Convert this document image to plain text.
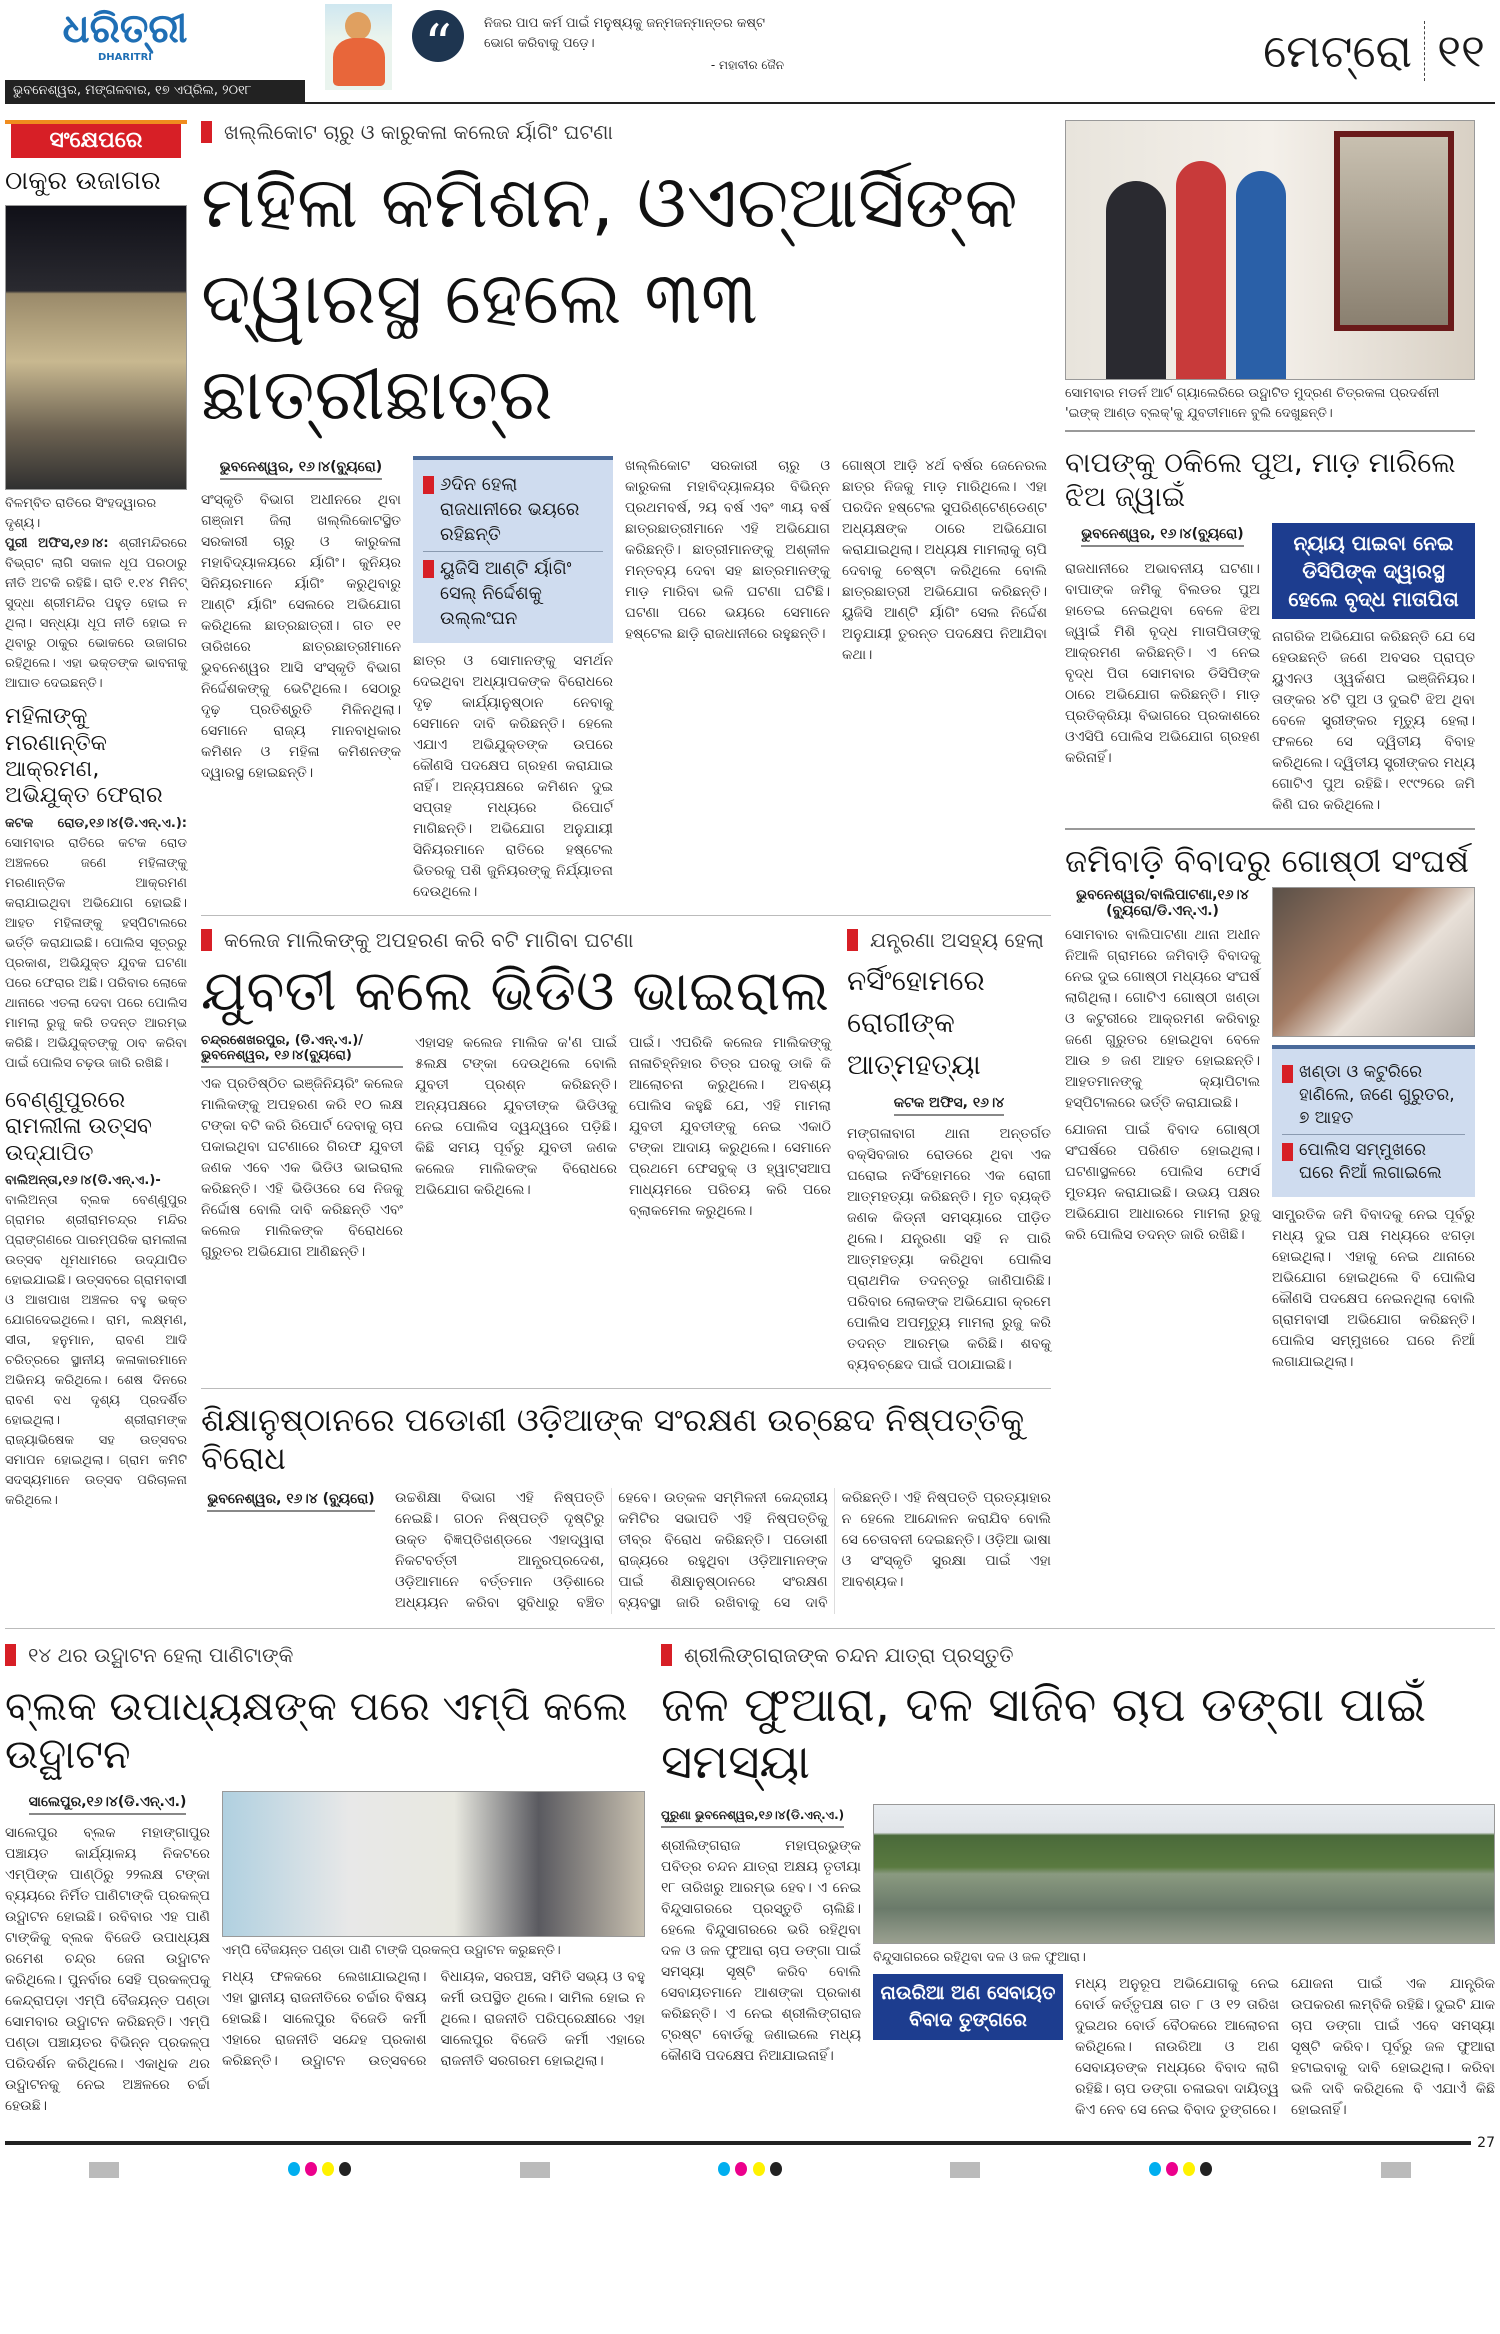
ଧରିତ୍ରୀ
DHARITRI
ଭୁବନେଶ୍ୱର, ମଙ୍ଗଳବାର, ୧୭ ଏପ୍ରିଲ, ୨୦୧୮
“	ନିଜର ପାପ କର୍ମ ପାଇଁ ମନୁଷ୍ୟକୁ ଜନ୍ମଜନ୍ମାନ୍ତର କଷ୍ଟ ଭୋଗ କରିବାକୁ ପଡ଼େ।
- ମହାବୀର ଜୈନ	ମେଟ୍ରୋ ୧୧
ସଂକ୍ଷେପରେ
ଠାକୁର ଉଜାଗର
ବିଳମ୍ବିତ ରାତିରେ ସିଂହଦ୍ୱାରର ଦୃଶ୍ୟ।
ପୁରୀ ଅଫିସ,୧୬।୪: ଶ୍ରୀମନ୍ଦିରରେ ବିଭ୍ରାଟ ଲାଗି ସକାଳ ଧୂପ ପରଠାରୁ ନୀତି ଅଟକି ରହିଛି। ରାତି ୧.୧୪ ମିନିଟ୍ ସୁଦ୍ଧା ଶ୍ରୀମନ୍ଦିର ପହୁଡ଼ ହୋଇ ନ ଥିଲା। ସନ୍ଧ୍ୟା ଧୂପ ନୀତି ହୋଇ ନ ଥିବାରୁ ଠାକୁର ଭୋକରେ ଉଜାଗର ରହିଥିଲେ। ଏହା ଭକ୍ତଙ୍କ ଭାବନାକୁ ଆଘାତ ଦେଇଛନ୍ତି।
ମହିଳାଙ୍କୁ ମରଣାନ୍ତିକ ଆକ୍ରମଣ, ଅଭିଯୁକ୍ତ ଫେରାର
କଟକ ରୋଡ,୧୬।୪(ଡି.ଏନ୍.ଏ.): ସୋମବାର ରାତିରେ କଟକ ରୋଡ ଅଞ୍ଚଳରେ ଜଣେ ମହିଳାଙ୍କୁ ମରଣାନ୍ତିକ ଆକ୍ରମଣ କରାଯାଇଥିବା ଅଭିଯୋଗ ହୋଇଛି। ଆହତ ମହିଳାଙ୍କୁ ହସ୍ପିଟାଲରେ ଭର୍ତ୍ତି କରାଯାଇଛି। ପୋଲିସ ସୂତ୍ରରୁ ପ୍ରକାଶ, ଅଭିଯୁକ୍ତ ଯୁବକ ଘଟଣା ପରେ ଫେରାର ଅଛି। ପରିବାର ଲୋକେ ଥାନାରେ ଏତଲା ଦେବା ପରେ ପୋଲିସ ମାମଲା ରୁଜୁ କରି ତଦନ୍ତ ଆରମ୍ଭ କରିଛି। ଅଭିଯୁକ୍ତଙ୍କୁ ଠାବ କରିବା ପାଇଁ ପୋଲିସ ଚଢ଼ଉ ଜାରି ରଖିଛି।
ବେଣ୍ଣୁପୁରରେ ରାମଲୀଳା ଉତ୍ସବ ଉଦ୍ଯାପିତ
ବାଲିଅନ୍ତା,୧୬।୪(ଡି.ଏନ୍.ଏ.)- ବାଲିଅନ୍ତା ବ୍ଲକ ବେଣ୍ଣୁପୁର ଗ୍ରାମର ଶ୍ରୀରାମଚନ୍ଦ୍ର ମନ୍ଦିର ପ୍ରାଙ୍ଗଣରେ ପାରମ୍ପରିକ ରାମଲୀଳା ଉତ୍ସବ ଧୂମଧାମରେ ଉଦ୍ଯାପିତ ହୋଇଯାଇଛି। ଉତ୍ସବରେ ଗ୍ରାମବାସୀ ଓ ଆଖପାଖ ଅଞ୍ଚଳର ବହୁ ଭକ୍ତ ଯୋଗଦେଇଥିଲେ। ରାମ, ଲକ୍ଷ୍ମଣ, ସୀତା, ହନୁମାନ, ରାବଣ ଆଦି ଚରିତ୍ରରେ ସ୍ଥାନୀୟ କଳାକାରମାନେ ଅଭିନୟ କରିଥିଲେ। ଶେଷ ଦିନରେ ରାବଣ ବଧ ଦୃଶ୍ୟ ପ୍ରଦର୍ଶିତ ହୋଇଥିଲା। ଶ୍ରୀରାମଙ୍କ ରାଜ୍ୟାଭିଷେକ ସହ ଉତ୍ସବର ସମାପନ ହୋଇଥିଲା। ଗ୍ରାମ କମିଟି ସଦସ୍ୟମାନେ ଉତ୍ସବ ପରିଚାଳନା କରିଥିଲେ।
ଖଲ୍ଲିକୋଟ ଚାରୁ ଓ କାରୁକଳା କଲେଜ ର୍ୟାଗିଂ ଘଟଣା
ମହିଳା କମିଶନ, ଓଏଚ୍ଆର୍ସିଙ୍କ
ଦ୍ୱାରସ୍ଥ ହେଲେ ୩୩ ଛାତ୍ରୀଛାତ୍ର
ଭୁବନେଶ୍ୱର, ୧୬।୪(ବ୍ୟୁରୋ)
ସଂସ୍କୃତି ବିଭାଗ ଅଧୀନରେ ଥିବା ଗଞ୍ଜାମ ଜିଲା ଖଲ୍ଲିକୋଟସ୍ଥିତ ସରକାରୀ ଚାରୁ ଓ କାରୁକଳା ମହାବିଦ୍ୟାଳୟରେ ର୍ୟାଗିଂ। କୁନିୟର ସିନିୟରମାନେ ର୍ୟାଗିଂ କରୁଥିବାରୁ ଆଣ୍ଟି ର୍ୟାଗିଂ ସେଲରେ ଅଭିଯୋଗ କରିଥିଲେ ଛାତ୍ରଛାତ୍ରୀ। ଗତ ୧୧ ତାରିଖରେ ଛାତ୍ରଛାତ୍ରୀମାନେ ଭୁବନେଶ୍ୱର ଆସି ସଂସ୍କୃତି ବିଭାଗ ନିର୍ଦ୍ଦେଶକଙ୍କୁ ଭେଟିଥିଲେ। ସେଠାରୁ ଦୃଢ଼ ପ୍ରତିଶ୍ରୁତି ମିଳିନଥିଲା। ସେମାନେ ରାଜ୍ୟ ମାନବାଧିକାର କମିଶନ ଓ ମହିଳା କମିଶନଙ୍କ ଦ୍ୱାରସ୍ଥ ହୋଇଛନ୍ତି।
୬ଦିନ ହେଲା ରାଜଧାନୀରେ ଭୟରେ ରହିଛନ୍ତି
ୟୁଜିସି ଆଣ୍ଟି ର୍ୟାଗିଂ ସେଲ୍ ନିର୍ଦ୍ଦେଶକୁ ଉଲ୍ଲଂଘନ
ଛାତ୍ର ଓ ସୋମାନଙ୍କୁ ସମର୍ଥନ ଦେଇଥିବା ଅଧ୍ୟାପକଙ୍କ ବିରୋଧରେ ଦୃଢ଼ କାର୍ଯ୍ୟାନୁଷ୍ଠାନ ନେବାକୁ ସେମାନେ ଦାବି କରିଛନ୍ତି। ହେଲେ ଏଯାଏ ଅଭିଯୁକ୍ତଙ୍କ ଉପରେ କୌଣସି ପଦକ୍ଷେପ ଗ୍ରହଣ କରାଯାଇ ନାହିଁ। ଅନ୍ୟପକ୍ଷରେ କମିଶନ ଦୁଇ ସପ୍ତାହ ମଧ୍ୟରେ ରିପୋର୍ଟ ମାଗିଛନ୍ତି। ଅଭିଯୋଗ ଅନୁଯାୟୀ ସିନିୟରମାନେ ରାତିରେ ହଷ୍ଟେଲ ଭିତରକୁ ପଶି ଜୁନିୟରଙ୍କୁ ନିର୍ଯ୍ୟାତନା ଦେଉଥିଲେ।
ଖଲ୍ଲିକୋଟ ସରକାରୀ ଚାରୁ ଓ କାରୁକଳା ମହାବିଦ୍ୟାଳୟର ବିଭିନ୍ନ ପ୍ରଥମବର୍ଷ, ୨ୟ ବର୍ଷ ଏବଂ ୩ୟ ବର୍ଷ ଛାତ୍ରଛାତ୍ରୀମାନେ ଏହି ଅଭିଯୋଗ କରିଛନ୍ତି। ଛାତ୍ରୀମାନଙ୍କୁ ଅଶ୍ଳୀଳ ମନ୍ତବ୍ୟ ଦେବା ସହ ଛାତ୍ରମାନଙ୍କୁ ମାଡ଼ ମାରିବା ଭଳି ଘଟଣା ଘଟିଛି। ଘଟଣା ପରେ ଭୟରେ ସେମାନେ ହଷ୍ଟେଲ ଛାଡ଼ି ରାଜଧାନୀରେ ରହୁଛନ୍ତି।
ଗୋଷ୍ଠୀ ଆଡ଼ି ୪ର୍ଥ ବର୍ଷର ଜେନେରଲ ଛାତ୍ର ନିଜକୁ ମାଡ଼ ମାରିଥିଲେ। ଏହା ପରଦିନ ହଷ୍ଟେଲ ସୁପରିଣ୍ଟେଣ୍ଡେଣ୍ଟ ଅଧ୍ୟକ୍ଷଙ୍କ ଠାରେ ଅଭିଯୋଗ କରାଯାଇଥିଲା। ଅଧ୍ୟକ୍ଷ ମାମଲାକୁ ଚାପି ଦେବାକୁ ଚେଷ୍ଟା କରିଥିଲେ ବୋଲି ଛାତ୍ରଛାତ୍ରୀ ଅଭିଯୋଗ କରିଛନ୍ତି। ୟୁଜିସି ଆଣ୍ଟି ର୍ୟାଗିଂ ସେଲ ନିର୍ଦ୍ଦେଶ ଅନୁଯାୟୀ ତୁରନ୍ତ ପଦକ୍ଷେପ ନିଆଯିବା କଥା।
କଲେଜ ମାଲିକଙ୍କୁ ଅପହରଣ କରି ବଟି ମାଗିବା ଘଟଣା
ଯୁବତୀ କଲେ ଭିଡିଓ ଭାଇରାଲ
ଚନ୍ଦ୍ରଶେଖରପୁର, (ଡି.ଏନ୍.ଏ.)/ ଭୁବନେଶ୍ୱର, ୧୬।୪(ବ୍ୟୁରୋ)
ଏକ ପ୍ରତିଷ୍ଠିତ ଇଞ୍ଜିନିୟରିଂ କଲେଜ ମାଲିକଙ୍କୁ ଅପହରଣ କରି ୧୦ ଲକ୍ଷ ଟଙ୍କା ବଟି କରି ରିପୋର୍ଟ ଦେବାକୁ ଚାପ ପକାଇଥିବା ଘଟଣାରେ ଗିରଫ ଯୁବତୀ ଜଣକ ଏବେ ଏକ ଭିଡିଓ ଭାଇରାଲ କରିଛନ୍ତି। ଏହି ଭିଡିଓରେ ସେ ନିଜକୁ ନିର୍ଦ୍ଦୋଷ ବୋଲି ଦାବି କରିଛନ୍ତି ଏବଂ କଲେଜ ମାଲିକଙ୍କ ବିରୋଧରେ ଗୁରୁତର ଅଭିଯୋଗ ଆଣିଛନ୍ତି।
ଏହାସହ କଲେଜ ମାଲିକ କ'ଣ ପାଇଁ ୫ଲକ୍ଷ ଟଙ୍କା ଦେଉଥିଲେ ବୋଲି ଯୁବତୀ ପ୍ରଶ୍ନ କରିଛନ୍ତି। ଅନ୍ୟପକ୍ଷରେ ଯୁବତୀଙ୍କ ଭିଡିଓକୁ ନେଇ ପୋଲିସ ଦ୍ୱନ୍ଦ୍ୱରେ ପଡ଼ିଛି। କିଛି ସମୟ ପୂର୍ବରୁ ଯୁବତୀ ଜଣକ କଲେଜ ମାଲିକଙ୍କ ବିରୋଧରେ ଅଭିଯୋଗ କରିଥିଲେ।
ପାଇଁ। ଏପରିକି କଲେଜ ମାଲିକଙ୍କୁ ନାଳାଚିହ୍ନିହାର ଚିତ୍ର ଘରକୁ ଡାକି କି ଆଲୋଚନା କରୁଥିଲେ। ଅବଶ୍ୟ ପୋଲିସ କହୁଛି ଯେ, ଏହି ମାମଲା ଯୁବତୀ ଯୁବତୀଙ୍କୁ ନେଇ ଏକାଠି ଟଙ୍କା ଆଦାୟ କରୁଥିଲେ। ସେମାନେ ପ୍ରଥମେ ଫେସବୁକ୍ ଓ ହ୍ୱାଟ୍ସଆପ ମାଧ୍ୟମରେ ପରିଚୟ କରି ପରେ ବ୍ଲାକମେଲ କରୁଥିଲେ।
ଯନ୍ତ୍ରଣା ଅସହ୍ୟ ହେଲା
ନର୍ସିଂହୋମରେ ରୋଗୀଙ୍କ ଆତ୍ମହତ୍ୟା
କଟକ ଅଫିସ, ୧୬।୪
ମଙ୍ଗଳାବାଗ ଥାନା ଅନ୍ତର୍ଗତ ବକ୍ସିବଜାର ରୋଡରେ ଥିବା ଏକ ଘରୋଇ ନର୍ସିଂହୋମରେ ଏକ ରୋଗୀ ଆତ୍ମହତ୍ୟା କରିଛନ୍ତି। ମୃତ ବ୍ୟକ୍ତି ଜଣକ କିଡ୍ନୀ ସମସ୍ୟାରେ ପୀଡ଼ିତ ଥିଲେ। ଯନ୍ତ୍ରଣା ସହି ନ ପାରି ଆତ୍ମହତ୍ୟା କରିଥିବା ପୋଲିସ ପ୍ରାଥମିକ ତଦନ୍ତରୁ ଜାଣିପାରିଛି। ପରିବାର ଲୋକଙ୍କ ଅଭିଯୋଗ କ୍ରମେ ପୋଲିସ ଅପମୃତ୍ୟୁ ମାମଲା ରୁଜୁ କରି ତଦନ୍ତ ଆରମ୍ଭ କରିଛି। ଶବକୁ ବ୍ୟବଚ୍ଛେଦ ପାଇଁ ପଠାଯାଇଛି।
ଶିକ୍ଷାନୁଷ୍ଠାନରେ ପଡୋଶୀ ଓଡ଼ିଆଙ୍କ ସଂରକ୍ଷଣ ଉଚ୍ଛେଦ ନିଷ୍ପତ୍ତିକୁ ବିରୋଧ
ଭୁବନେଶ୍ୱର, ୧୬।୪ (ବ୍ୟୁରୋ)	ଉଚ୍ଚଶିକ୍ଷା ବିଭାଗ ଏହି ନିଷ୍ପତ୍ତି ନେଇଛି। ଗଠନ ନିଷ୍ପତ୍ତି ଦୃଷ୍ଟିରୁ ଉକ୍ତ ବିଜ୍ଞପ୍ତିଖଣ୍ଡରେ ଏହାଦ୍ୱାରା ନିକଟବର୍ତ୍ତୀ ଆନ୍ଧ୍ରପ୍ରଦେଶ, ଓଡ଼ିଆମାନେ ବର୍ତ୍ତମାନ ଓଡ଼ିଶାରେ ଅଧ୍ୟୟନ କରିବା ସୁବିଧାରୁ ବଞ୍ଚିତ ହେବେ। ଉତ୍କଳ ସମ୍ମିଳନୀ କେନ୍ଦ୍ରୀୟ କମିଟିର ସଭାପତି ଏହି ନିଷ୍ପତ୍ତିକୁ ତୀବ୍ର ବିରୋଧ କରିଛନ୍ତି। ପଡୋଶୀ ରାଜ୍ୟରେ ରହୁଥିବା ଓଡ଼ିଆମାନଙ୍କ ପାଇଁ ଶିକ୍ଷାନୁଷ୍ଠାନରେ ସଂରକ୍ଷଣ ବ୍ୟବସ୍ଥା ଜାରି ରଖିବାକୁ ସେ ଦାବି କରିଛନ୍ତି। ଏହି ନିଷ୍ପତ୍ତି ପ୍ରତ୍ୟାହାର ନ ହେଲେ ଆନ୍ଦୋଳନ କରାଯିବ ବୋଲି ସେ ଚେତାବନୀ ଦେଇଛନ୍ତି। ଓଡ଼ିଆ ଭାଷା ଓ ସଂସ୍କୃତି ସୁରକ୍ଷା ପାଇଁ ଏହା ଆବଶ୍ୟକ।
ସୋମବାର ମଡର୍ନ ଆର୍ଟ ଗ୍ୟାଲେରିରେ ଉଦ୍ଘାଟିତ ମୁଦ୍ରଣ ଚିତ୍ରକଳା ପ୍ରଦର୍ଶନୀ 'ଇଙ୍କ୍ ଆଣ୍ଡ ବ୍ଲକ୍'କୁ ଯୁବତୀମାନେ ବୁଲି ଦେଖୁଛନ୍ତି।
ବାପଙ୍କୁ ଠକିଲେ ପୁଅ, ମାଡ଼ ମାରିଲେ ଝିଅ ଜ୍ୱାଇଁ
ଭୁବନେଶ୍ୱର, ୧୬।୪(ବ୍ୟୁରୋ)
ରାଜଧାନୀରେ ଅଭାବନୀୟ ଘଟଣା। ବାପାଙ୍କ ଜମିକୁ ବିଲଡର ପୁଅ ହାତେଇ ନେଇଥିବା ବେଳେ ଝିଅ ଜ୍ୱାଇଁ ମିଶି ବୃଦ୍ଧ ମାତାପିତାଙ୍କୁ ଆକ୍ରମଣ କରିଛନ୍ତି। ଏ ନେଇ ବୃଦ୍ଧ ପିତା ସୋମବାର ଡିସିପିଙ୍କ ଠାରେ ଅଭିଯୋଗ କରିଛନ୍ତି। ମାଡ଼ ପ୍ରତିକ୍ରିୟା ବିଭାଗରେ ପ୍ରକାଶରେ ଓଏସିପି ପୋଲିସ ଅଭିଯୋଗ ଗ୍ରହଣ କରିନାହିଁ।
ନ୍ୟାୟ ପାଇବା ନେଇ ଡିସିପିଙ୍କ ଦ୍ୱାରସ୍ଥ ହେଲେ ବୃଦ୍ଧ ମାତାପିତା
ନାଗରିକ ଅଭିଯୋଗ କରିଛନ୍ତି ଯେ ସେ ହେଉଛନ୍ତି ଜଣେ ଅବସର ପ୍ରାପ୍ତ ୟୁଏନଓ ଓ୍ୱର୍କଶପ ଇଞ୍ଜିନିୟର। ତାଙ୍କର ୪ଟି ପୁଅ ଓ ଦୁଇଟି ଝିଅ ଥିବା ବେଳେ ସ୍ତ୍ରୀଙ୍କର ମୃତ୍ୟୁ ହେଲା। ଫଳରେ ସେ ଦ୍ୱିତୀୟ ବିବାହ କରିଥିଲେ। ଦ୍ୱିତୀୟ ସ୍ତ୍ରୀଙ୍କର ମଧ୍ୟ ଗୋଟିଏ ପୁଅ ରହିଛି। ୧୯୯୨ରେ ଜମି କିଣି ଘର କରିଥିଲେ।
ଜମିବାଡ଼ି ବିବାଦରୁ ଗୋଷ୍ଠୀ ସଂଘର୍ଷ
ଭୁବନେଶ୍ୱର/ବାଲିପାଟଣା,୧୬।୪ (ବ୍ୟୁରୋ/ଡି.ଏନ୍.ଏ.)
ସୋମବାର ବାଲିପାଟଣା ଥାନା ଅଧୀନ ନିଆଳି ଗ୍ରାମରେ ଜମିବାଡ଼ି ବିବାଦକୁ ନେଇ ଦୁଇ ଗୋଷ୍ଠୀ ମଧ୍ୟରେ ସଂଘର୍ଷ ଲାଗିଥିଲା। ଗୋଟିଏ ଗୋଷ୍ଠୀ ଖଣ୍ଡା ଓ କଟୁରୀରେ ଆକ୍ରମଣ କରିବାରୁ ଜଣେ ଗୁରୁତର ହୋଇଥିବା ବେଳେ ଆଉ ୭ ଜଣ ଆହତ ହୋଇଛନ୍ତି। ଆହତମାନଙ୍କୁ କ୍ୟାପିଟାଲ ହସ୍ପିଟାଲରେ ଭର୍ତ୍ତି କରାଯାଇଛି।
ଯୋଜନା ପାଇଁ ବିବାଦ ଗୋଷ୍ଠୀ ସଂଘର୍ଷରେ ପରିଣତ ହୋଇଥିଲା। ଘଟଣାସ୍ଥଳରେ ପୋଲିସ ଫୋର୍ସ ମୁତୟନ କରାଯାଇଛି। ଉଭୟ ପକ୍ଷର ଅଭିଯୋଗ ଆଧାରରେ ମାମଲା ରୁଜୁ କରି ପୋଲିସ ତଦନ୍ତ ଜାରି ରଖିଛି।
ଖଣ୍ଡା ଓ କଟୁରିରେ ହାଣିଲେ, ଜଣେ ଗୁରୁତର, ୭ ଆହତ
ପୋଲିସ ସମ୍ମୁଖରେ ଘରେ ନିଆଁ ଲଗାଇଲେ
ସାମ୍ପ୍ରତିକ ଜମି ବିବାଦକୁ ନେଇ ପୂର୍ବରୁ ମଧ୍ୟ ଦୁଇ ପକ୍ଷ ମଧ୍ୟରେ ଝଗଡ଼ା ହୋଇଥିଲା। ଏହାକୁ ନେଇ ଥାନାରେ ଅଭିଯୋଗ ହୋଇଥିଲେ ବି ପୋଲିସ କୌଣସି ପଦକ୍ଷେପ ନେଇନଥିଲା ବୋଲି ଗ୍ରାମବାସୀ ଅଭିଯୋଗ କରିଛନ୍ତି। ପୋଲିସ ସମ୍ମୁଖରେ ଘରେ ନିଆଁ ଲଗାଯାଇଥିଲା।
୧୪ ଥର ଉଦ୍ଘାଟନ ହେଲା ପାଣିଟାଙ୍କି
ବ୍ଲକ ଉପାଧ୍ୟକ୍ଷଙ୍କ ପରେ ଏମ୍ପି କଲେ ଉଦ୍ଘାଟନ
ସାଲେପୁର,୧୬।୪(ଡି.ଏନ୍.ଏ.)
ସାଲେପୁର ବ୍ଲକ ମହାଙ୍ଗାପୁର ପଞ୍ଚାୟତ କାର୍ଯ୍ୟାଳୟ ନିକଟରେ ଏମ୍ପିଙ୍କ ପାଣ୍ଠିରୁ ୨୨ଲକ୍ଷ ଟଙ୍କା ବ୍ୟୟରେ ନିର୍ମିତ ପାଣିଟାଙ୍କି ପ୍ରକଳ୍ପ ଉଦ୍ଘାଟନ ହୋଇଛି। ରବିବାର ଏହ ପାଣି ଟାଙ୍କିକୁ ବ୍ଲକ ବିଜେଡି ଉପାଧ୍ୟକ୍ଷ ରମେଶ ଚନ୍ଦ୍ର ଜେନା ଉଦ୍ଘାଟନ କରିଥିଲେ। ପୁନର୍ବାର ସେହି ପ୍ରକଳ୍ପକୁ କେନ୍ଦ୍ରାପଡ଼ା ଏମ୍ପି ବୈଜୟନ୍ତ ପଣ୍ଡା ସୋମବାର ଉଦ୍ଘାଟନ କରିଛନ୍ତି। ଏମ୍ପି ପଣ୍ଡା ପଞ୍ଚାୟତର ବିଭିନ୍ନ ପ୍ରକଳ୍ପ ପରିଦର୍ଶନ କରିଥିଲେ। ଏକାଧିକ ଥର ଉଦ୍ଘାଟନକୁ ନେଇ ଅଞ୍ଚଳରେ ଚର୍ଚ୍ଚା ହେଉଛି।
ଏମ୍ପି ବୈଜୟନ୍ତ ପଣ୍ଡା ପାଣି ଟାଙ୍କି ପ୍ରକଳ୍ପ ଉଦ୍ଘାଟନ କରୁଛନ୍ତି।
ମଧ୍ୟ ଫଳକରେ ଲେଖାଯାଇଥିଲା। ଏହା ସ୍ଥାନୀୟ ରାଜନୀତିରେ ଚର୍ଚ୍ଚାର ବିଷୟ ହୋଇଛି। ସାଲେପୁର ବିଜେଡି କର୍ମୀ ଏହାରେ ରାଜନୀତି ସନ୍ଦେହ ପ୍ରକାଶ କରିଛନ୍ତି। ଉଦ୍ଘାଟନ ଉତ୍ସବରେ ବିଧାୟକ, ସରପଞ୍ଚ, ସମିତି ସଭ୍ୟ ଓ ବହୁ କର୍ମୀ ଉପସ୍ଥିତ ଥିଲେ। ସାମିଲ ହୋଇ ନ ଥିଲେ। ରାଜନୀତି ପରିପ୍ରେକ୍ଷୀରେ ଏହା ସାଲେପୁର ବିଜେଡି କର୍ମୀ ଏହାରେ ରାଜନୀତି ସରଗରମ ହୋଇଥିଲା।
ଶ୍ରୀଲିଙ୍ଗରାଜଙ୍କ ଚନ୍ଦନ ଯାତ୍ରା ପ୍ରସ୍ତୁତି
ଜଳ ଫୁଆରା, ଦଳ ସାଜିବ ଚାପ ଡଙ୍ଗା ପାଇଁ ସମସ୍ୟା
ପୁରୁଣା ଭୁବନେଶ୍ୱର,୧୬।୪(ଡି.ଏନ୍.ଏ.)
ଶ୍ରୀଲିଙ୍ଗରାଜ ମହାପ୍ରଭୁଙ୍କ ପବିତ୍ର ଚନ୍ଦନ ଯାତ୍ରା ଅକ୍ଷୟ ତୃତୀୟା ୧୮ ତାରିଖରୁ ଆରମ୍ଭ ହେବ। ଏ ନେଇ ବିନ୍ଦୁସାଗରରେ ପ୍ରସ୍ତୁତି ଚାଲିଛି। ହେଲେ ବିନ୍ଦୁସାଗରରେ ଭରି ରହିଥିବା ଦଳ ଓ ଜଳ ଫୁଆରା ଚାପ ଡଙ୍ଗା ପାଇଁ ସମସ୍ୟା ସୃଷ୍ଟି କରିବ ବୋଲି ସେବାୟତମାନେ ଆଶଙ୍କା ପ୍ରକାଶ କରିଛନ୍ତି। ଏ ନେଇ ଶ୍ରୀଲିଙ୍ଗରାଜ ଟ୍ରଷ୍ଟ ବୋର୍ଡକୁ ଜଣାଇଲେ ମଧ୍ୟ କୌଣସି ପଦକ୍ଷେପ ନିଆଯାଇନାହିଁ।
ବିନ୍ଦୁସାଗରରେ ରହିଥିବା ଦଳ ଓ ଜଳ ଫୁଆରା।
ନାଉରିଆ ଅଣ ସେବାୟତ ବିବାଦ ତୁଙ୍ଗରେ
ମଧ୍ୟ ଅନୁରୂପ ଅଭିଯୋଗକୁ ନେଇ ବୋର୍ଡ କର୍ତ୍ତୃପକ୍ଷ ଗତ ୮ ଓ ୧୨ ତାରିଖ ଦୁଇଥର ବୋର୍ଡ ବୈଠକରେ ଆଲୋଚନା କରିଥିଲେ। ନାଉରିଆ ଓ ଅଣ ସେବାୟତଙ୍କ ମଧ୍ୟରେ ବିବାଦ ଲାଗି ରହିଛି। ଚାପ ଡଙ୍ଗା ଚଳାଇବା ଦାୟିତ୍ୱ କିଏ ନେବ ସେ ନେଇ ବିବାଦ ତୁଙ୍ଗରେ।
ଯୋଜନା ପାଇଁ ଏକ ଯାନ୍ତ୍ରିକ ଉପକରଣ ଲମ୍ବିକି ରହିଛି। ଦୁଇଟି ଯାକ ଚାପ ଡଙ୍ଗା ପାଇଁ ଏବେ ସମସ୍ୟା ସୃଷ୍ଟି କରିବ। ପୂର୍ବରୁ ଜଳ ଫୁଆରା ହଟାଇବାକୁ ଦାବି ହୋଇଥିଲା। କରିବା ଭଳି ଦାବି କରିଥିଲେ ବି ଏଯାଏଁ କିଛି ହୋଇନାହିଁ।
27
